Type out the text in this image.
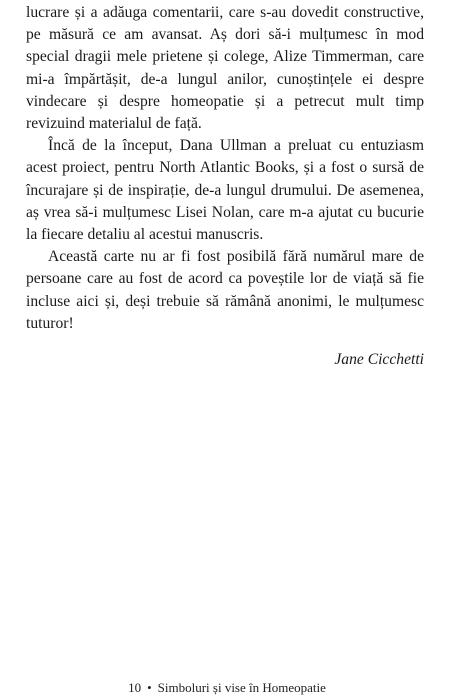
lucrare și a adăuga comentarii, care s-au dovedit constructive, pe măsură ce am avansat. Aș dori să-i mulțumesc în mod special dragii mele prietene și colege, Alize Timmerman, care mi-a împărtășit, de-a lungul anilor, cunoștințele ei despre vindecare și despre homeopatie și a petrecut mult timp revizuind materialul de față.

Încă de la început, Dana Ullman a preluat cu entuziasm acest proiect, pentru North Atlantic Books, și a fost o sursă de încurajare și de inspirație, de-a lungul drumului. De asemenea, aș vrea să-i mulțumesc Lisei Nolan, care m-a ajutat cu bucurie la fiecare detaliu al acestui manuscris.

Această carte nu ar fi fost posibilă fără numărul mare de persoane care au fost de acord ca poveștile lor de viață să fie incluse aici și, deși trebuie să rămână anonimi, le mulțumesc tuturor!

Jane Cicchetti
10 • Simboluri și vise în Homeopatie
